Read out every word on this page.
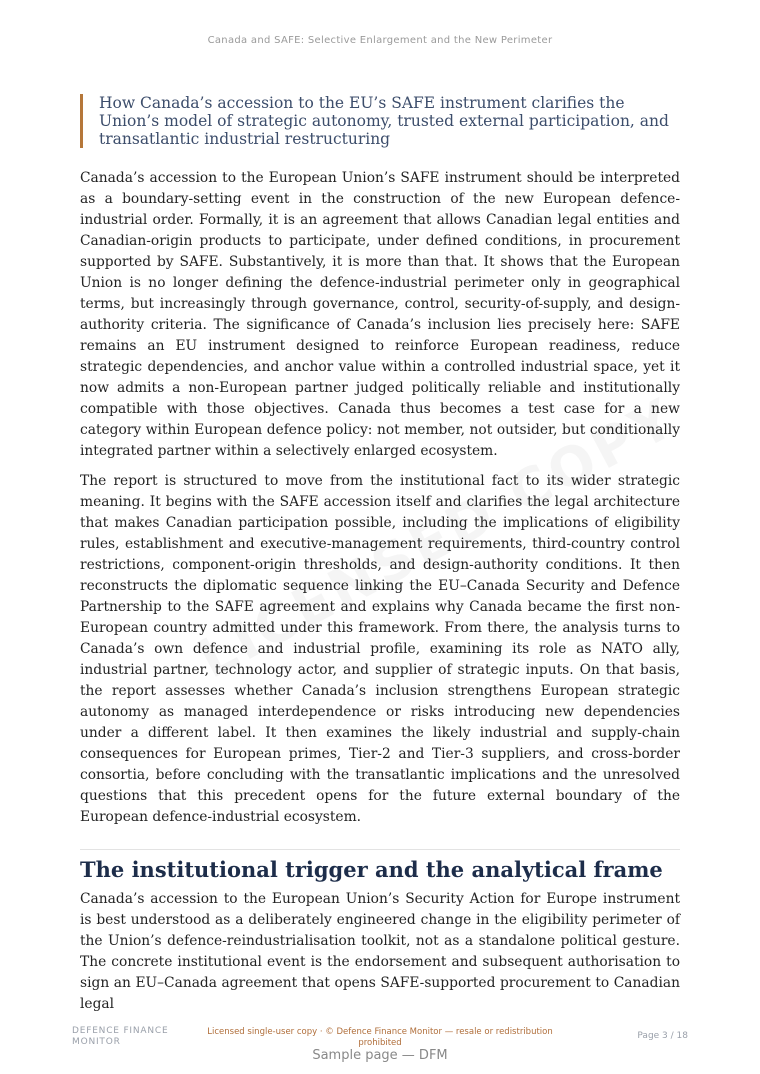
Canada and SAFE: Selective Enlargement and the New Perimeter
How Canada’s accession to the EU’s SAFE instrument clarifies the Union’s model of strategic autonomy, trusted external participation, and transatlantic industrial restructuring

Canada’s accession to the European Union’s SAFE instrument should be interpreted as a boundary-setting event in the construction of the new European defence-industrial order. Formally, it is an agreement that allows Canadian legal entities and Canadian-origin products to participate, under defined conditions, in procurement supported by SAFE. Substantively, it is more than that. It shows that the European Union is no longer defining the defence-industrial perimeter only in geographical terms, but increasingly through governance, control, security-of-supply, and design-authority criteria. The significance of Canada’s inclusion lies precisely here: SAFE remains an EU instrument designed to reinforce European readiness, reduce strategic dependencies, and anchor value within a controlled industrial space, yet it now admits a non-European partner judged politically reliable and institutionally compatible with those objectives. Canada thus becomes a test case for a new category within European defence policy: not member, not outsider, but conditionally integrated partner within a selectively enlarged ecosystem.

The report is structured to move from the institutional fact to its wider strategic meaning. It begins with the SAFE accession itself and clarifies the legal architecture that makes Canadian participation possible, including the implications of eligibility rules, establishment and executive-management requirements, third-country control restrictions, component-origin thresholds, and design-authority conditions. It then reconstructs the diplomatic sequence linking the EU–Canada Security and Defence Partnership to the SAFE agreement and explains why Canada became the first non-European country admitted under this framework. From there, the analysis turns to Canada’s own defence and industrial profile, examining its role as NATO ally, industrial partner, technology actor, and supplier of strategic inputs. On that basis, the report assesses whether Canada’s inclusion strengthens European strategic autonomy as managed interdependence or risks introducing new dependencies under a different label. It then examines the likely industrial and supply-chain consequences for European primes, Tier-2 and Tier-3 suppliers, and cross-border consortia, before concluding with the transatlantic implications and the unresolved questions that this precedent opens for the future external boundary of the European defence-industrial ecosystem.

The institutional trigger and the analytical frame

Canada’s accession to the European Union’s Security Action for Europe instrument is best understood as a deliberately engineered change in the eligibility perimeter of the Union’s defence-reindustrialisation toolkit, not as a standalone political gesture. The concrete institutional event is the endorsement and subsequent authorisation to sign an EU–Canada agreement that opens SAFE-supported procurement to Canadian legal

DEFENCE FINANCE MONITOR
Licensed single-user copy · © Defence Finance Monitor — resale or redistribution prohibited
Page 3 / 18
Sample page — DFM
